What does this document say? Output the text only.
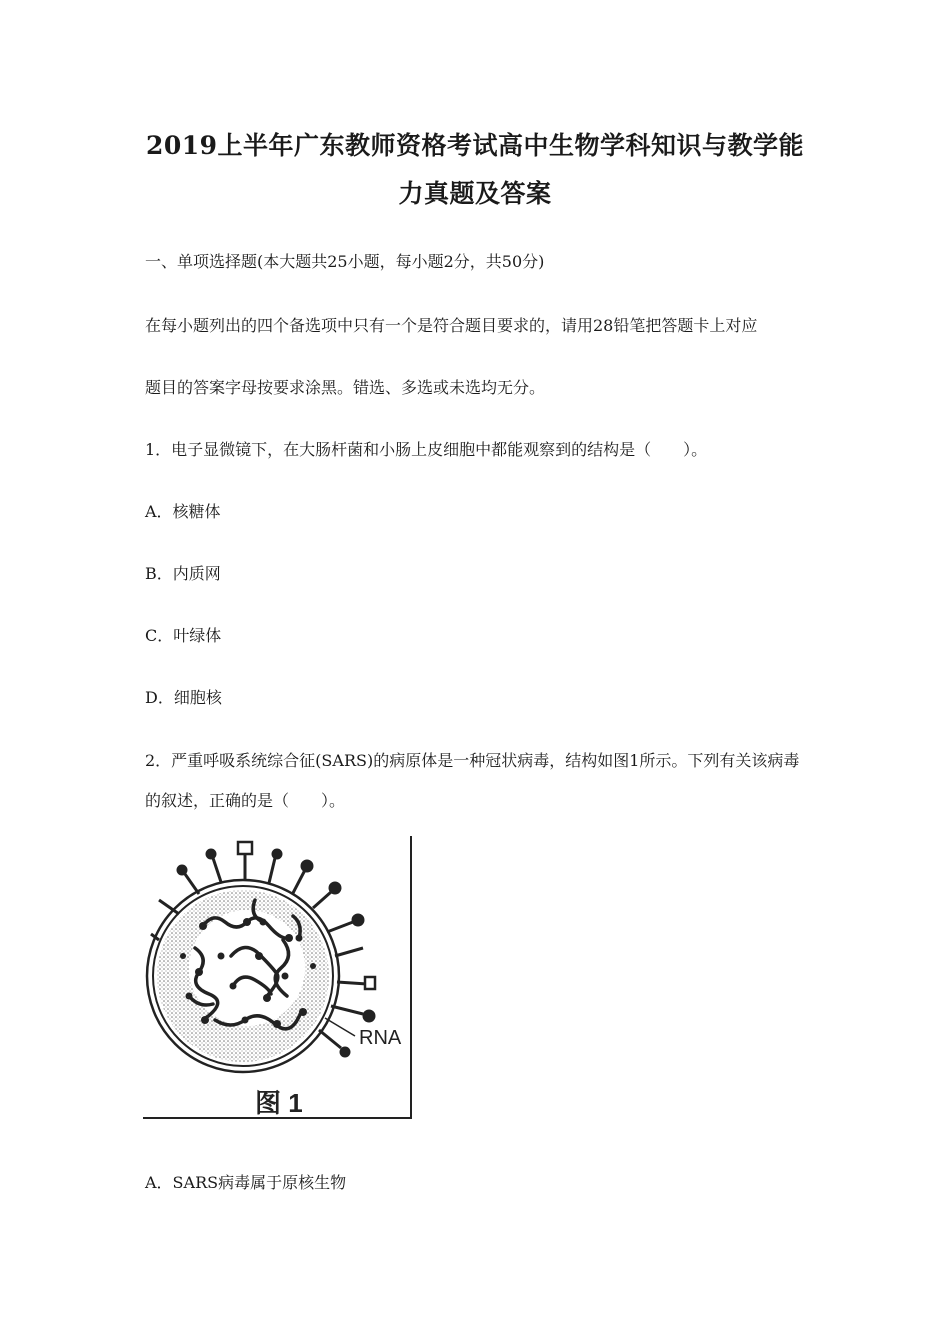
2019上半年广东教师资格考试高中生物学科知识与教学能
力真题及答案

一、单项选择题(本大题共25小题，每小题2分，共50分)

在每小题列出的四个备选项中只有一个是符合题目要求的，请用28铅笔把答题卡上对应

题目的答案字母按要求涂黑。错选、多选或未选均无分。

1．电子显微镜下，在大肠杆菌和小肠上皮细胞中都能观察到的结构是（　　）。

A．核糖体

B．内质网

C．叶绿体

D．细胞核

2．严重呼吸系统综合征(SARS)的病原体是一种冠状病毒，结构如图1所示。下列有关该病毒

的叙述，正确的是（　　）。

RNA
图 1

A．SARS病毒属于原核生物
